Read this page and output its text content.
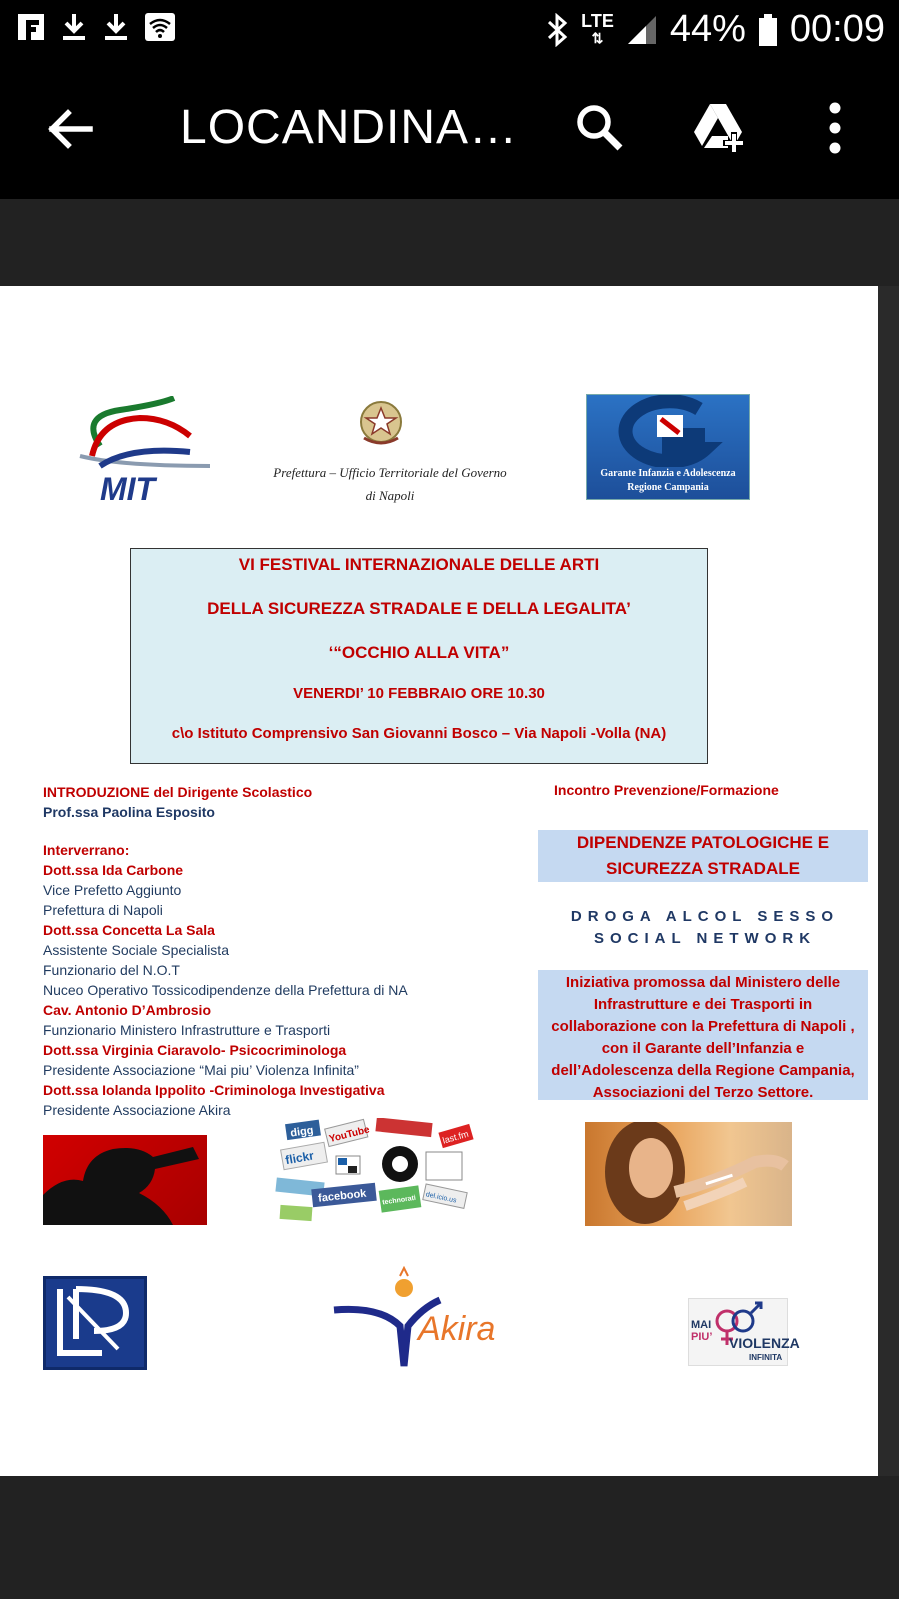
LTE
⇅ 44% 00:09
LOCANDINA…
MIT	Prefettura – Ufficio Territoriale del Governo
di Napoli
Garante Infanzia e Adolescenza
Regione Campania

VI FESTIVAL INTERNAZIONALE DELLE ARTI

DELLA SICUREZZA STRADALE E DELLA LEGALITA’

‘“OCCHIO ALLA VITA”

VENERDI’ 10 FEBBRAIO ORE 10.30

c\o Istituto Comprensivo San Giovanni Bosco – Via Napoli -Volla (NA)

INTRODUZIONE del Dirigente Scolastico
Prof.ssa Paolina Esposito
Interverrano:
Dott.ssa Ida Carbone
Vice Prefetto Aggiunto
Prefettura di Napoli
Dott.ssa Concetta La Sala
Assistente Sociale Specialista
Funzionario del N.O.T
Nuceo Operativo Tossicodipendenze della Prefettura di NA
Cav. Antonio D’Ambrosio
Funzionario Ministero Infrastrutture e Trasporti
Dott.ssa Virginia Ciaravolo- Psicocriminologa
Presidente Associazione “Mai piu’ Violenza Infinita”
Dott.ssa Iolanda Ippolito -Criminologa Investigativa
Presidente Associazione Akira
Incontro Prevenzione/Formazione
DIPENDENZE PATOLOGICHE E
SICUREZZA STRADALE
DROGA ALCOL SESSO
SOCIAL NETWORK
Iniziativa promossa dal Ministero delle
Infrastrutture e dei Trasporti in
collaborazione con la Prefettura di Napoli ,
con il Garante dell’Infanzia e
dell’Adolescenza della Regione Campania,
Associazioni del Terzo Settore.
digg YouTube	last.fm
flickr
facebook technorati del.icio.us
Akira	MAI
PIU’ VIOLENZA
INFINITA
